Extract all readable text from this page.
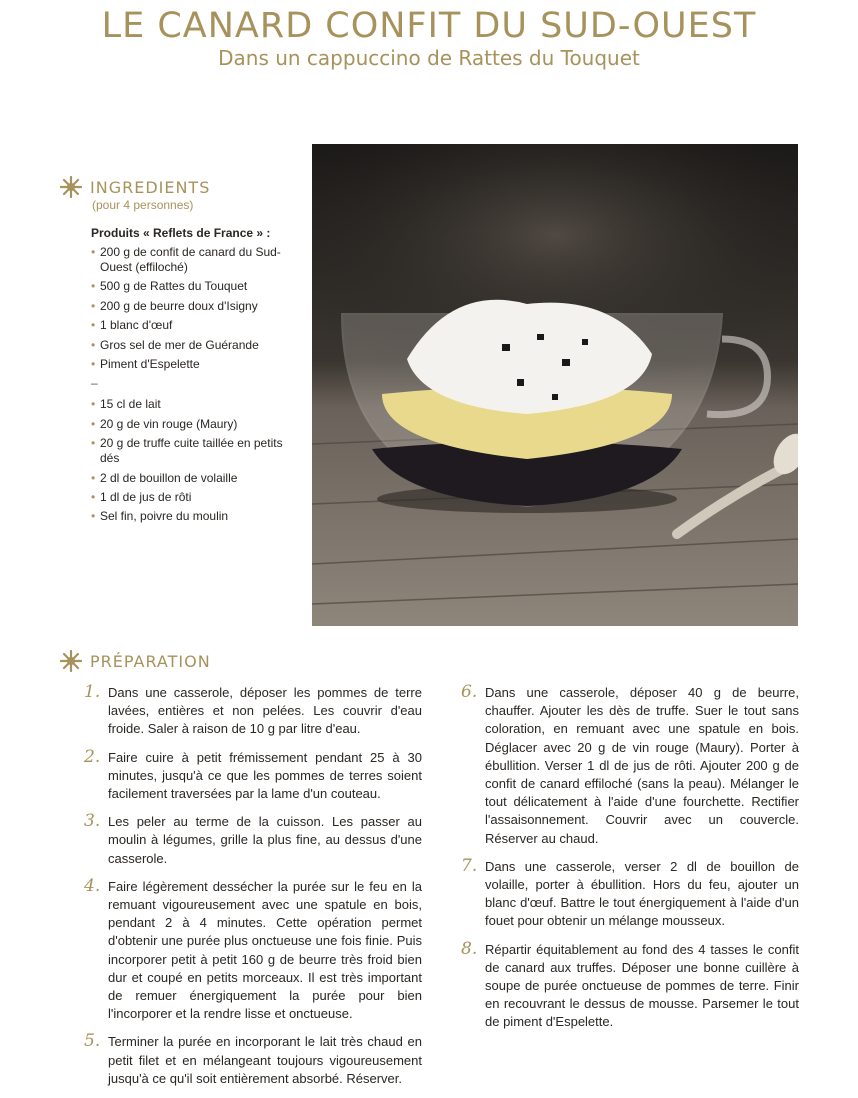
LE CANARD CONFIT DU SUD-OUEST

Dans un cappuccino de Rattes du Touquet

INGREDIENTS
(pour 4 personnes)
Produits « Reflets de France » :
• 200 g de confit de canard du Sud-Ouest (effiloché)
• 500 g de Rattes du Touquet
• 200 g de beurre doux d'Isigny
• 1 blanc d'œuf
• Gros sel de mer de Guérande
• Piment d'Espelette
–
• 15 cl de lait
• 20 g de vin rouge (Maury)
• 20 g de truffe cuite taillée en petits dés
• 2 dl de bouillon de volaille
• 1 dl de jus de rôti
• Sel fin, poivre du moulin
PRÉPARATION
1. Dans une casserole, déposer les pommes de terre lavées, entières et non pelées. Les couvrir d'eau froide. Saler à raison de 10 g par litre d'eau.
2. Faire cuire à petit frémissement pendant 25 à 30 minutes, jusqu'à ce que les pommes de terres soient facilement traversées par la lame d'un couteau.
3. Les peler au terme de la cuisson. Les passer au moulin à légumes, grille la plus fine, au dessus d'une casserole.
4. Faire légèrement dessécher la purée sur le feu en la remuant vigoureusement avec une spatule en bois, pendant 2 à 4 minutes. Cette opération permet d'obtenir une purée plus onctueuse une fois finie. Puis incorporer petit à petit 160 g de beurre très froid bien dur et coupé en petits morceaux. Il est très important de remuer énergiquement la purée pour bien l'incorporer et la rendre lisse et onctueuse.
5. Terminer la purée en incorporant le lait très chaud en petit filet et en mélangeant toujours vigoureusement jusqu'à ce qu'il soit entièrement absorbé. Réserver.
6. Dans une casserole, déposer 40 g de beurre, chauffer. Ajouter les dès de truffe. Suer le tout sans coloration, en remuant avec une spatule en bois. Déglacer avec 20 g de vin rouge (Maury). Porter à ébullition. Verser 1 dl de jus de rôti. Ajouter 200 g de confit de canard effiloché (sans la peau). Mélanger le tout délicatement à l'aide d'une fourchette. Rectifier l'assaisonnement. Couvrir avec un couvercle. Réserver au chaud.
7. Dans une casserole, verser 2 dl de bouillon de volaille, porter à ébullition. Hors du feu, ajouter un blanc d'œuf. Battre le tout énergiquement à l'aide d'un fouet pour obtenir un mélange mousseux.
8. Répartir équitablement au fond des 4 tasses le confit de canard aux truffes. Déposer une bonne cuillère à soupe de purée onctueuse de pommes de terre. Finir en recouvrant le dessus de mousse. Parsemer le tout de piment d'Espelette.
